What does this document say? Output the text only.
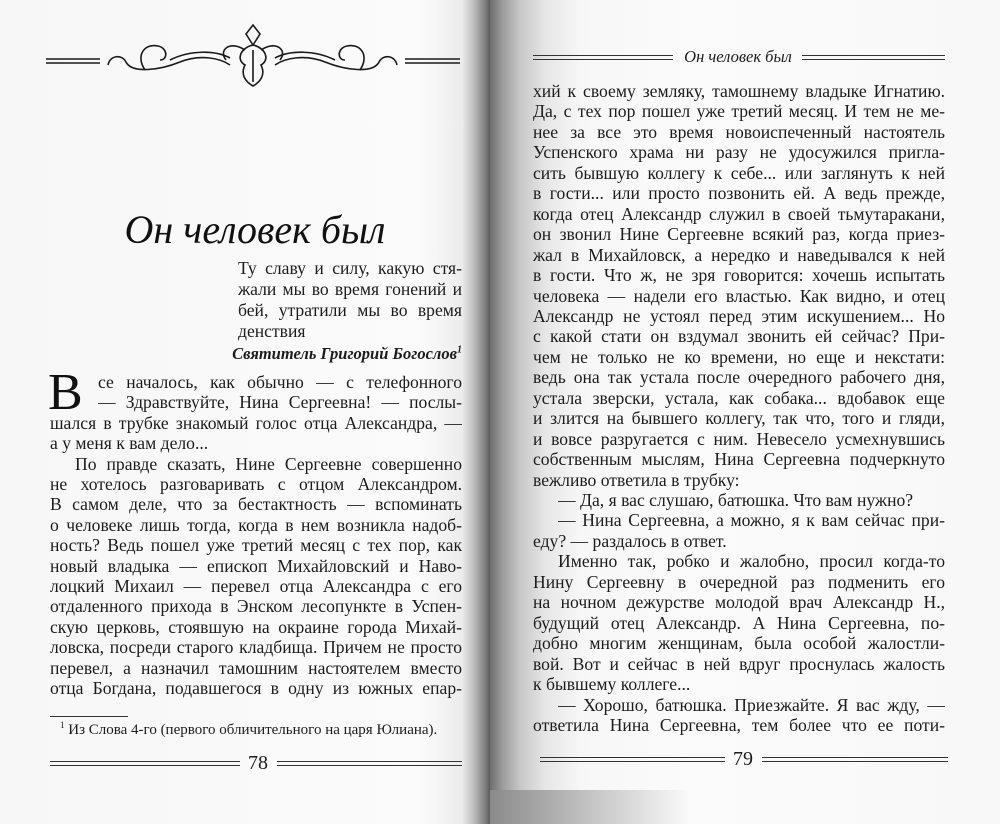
Он человек был
Ту славу и силу, какую стя-
жали мы во время гонений и
бей, утратили мы во время
денствия
Святитель Григорий Богослов$^1$
В се началось, как обычно — с телефонного
— Здравствуйте, Нина Сергеевна! — послы-
шался в трубке знакомый голос отца Александра, —
а у меня к вам дело...
По правде сказать, Нине Сергеевне совершенно
не хотелось разговаривать с отцом Александром.
В самом деле, что за бестактность — вспоминать
о человеке лишь тогда, когда в нем возникла надоб-
ность? Ведь пошел уже третий месяц с тех пор, как
новый владыка — епископ Михайловский и Наво-
лоцкий Михаил — перевел отца Александра с его
отдаленного прихода в Энском лесопункте в Успен-
скую церковь, стоявшую на окраине города Михай-
ловска, посреди старого кладбища. Причем не просто
перевел, а назначил тамошним настоятелем вместо
отца Богдана, подавшегося в одну из южных епар-
$^1$ Из Слова 4-го (первого обличительного на царя Юлиана).
78
Он человек был
хий к своему земляку, тамошнему владыке Игнатию.
Да, с тех пор пошел уже третий месяц. И тем не ме-
нее за все это время новоиспеченный настоятель
Успенского храма ни разу не удосужился пригла-
сить бывшую коллегу к себе... или заглянуть к ней
в гости... или просто позвонить ей. А ведь прежде,
когда отец Александр служил в своей тьмутаракани,
он звонил Нине Сергеевне всякий раз, когда приез-
жал в Михайловск, а нередко и наведывался к ней
в гости. Что ж, не зря говорится: хочешь испытать
человека — надели его властью. Как видно, и отец
Александр не устоял перед этим искушением... Но
с какой стати он вздумал звонить ей сейчас? При-
чем не только не ко времени, но еще и некстати:
ведь она так устала после очередного рабочего дня,
устала зверски, устала, как собака... вдобавок еще
и злится на бывшего коллегу, так что, того и гляди,
и вовсе разругается с ним. Невесело усмехнувшись
собственным мыслям, Нина Сергеевна подчеркнуто
вежливо ответила в трубку:
— Да, я вас слушаю, батюшка. Что вам нужно?
— Нина Сергеевна, а можно, я к вам сейчас при-
еду? — раздалось в ответ.
Именно так, робко и жалобно, просил когда-то
Нину Сергеевну в очередной раз подменить его
на ночном дежурстве молодой врач Александр Н.,
будущий отец Александр. А Нина Сергеевна, по-
добно многим женщинам, была особой жалостли-
вой. Вот и сейчас в ней вдруг проснулась жалость
к бывшему коллеге...
— Хорошо, батюшка. Приезжайте. Я вас жду, —
ответила Нина Сергеевна, тем более что ее поти-
79
